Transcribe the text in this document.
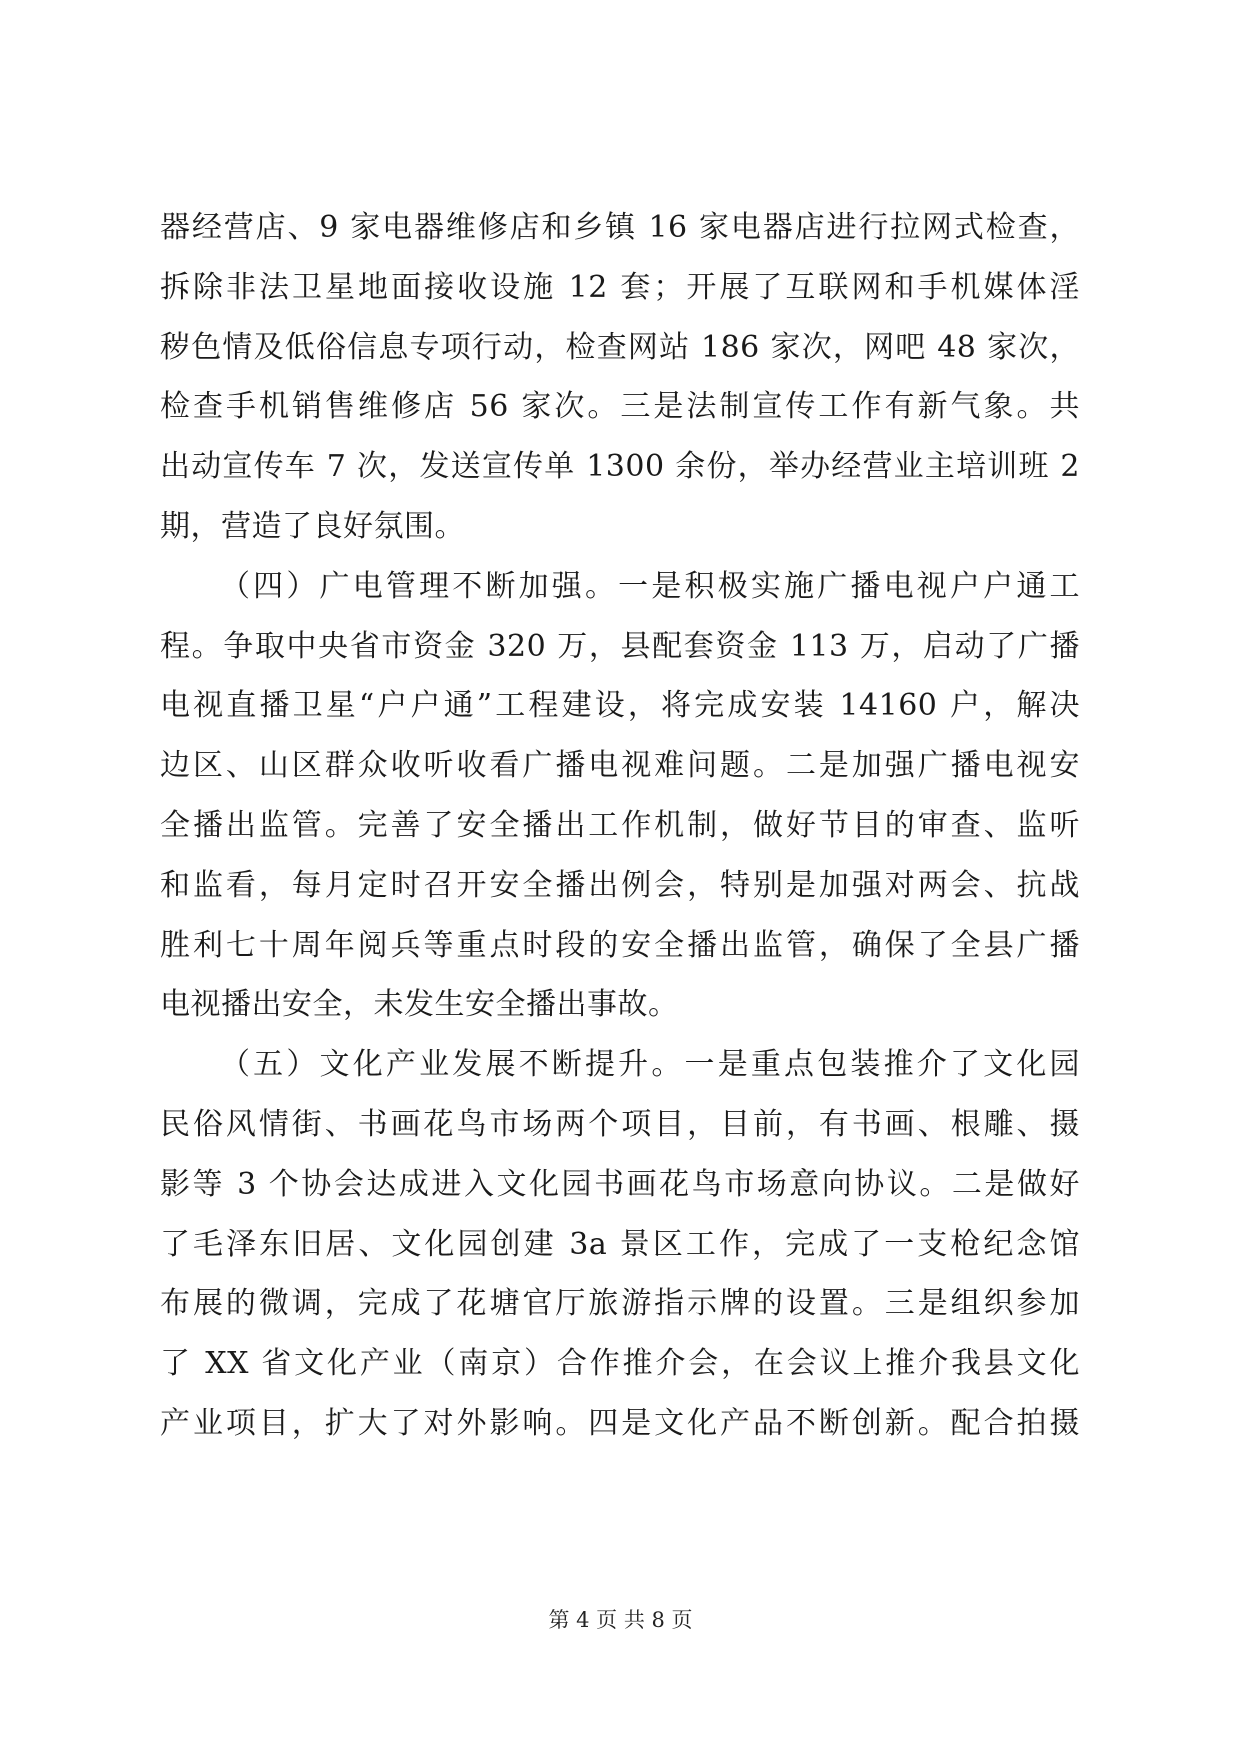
器经营店、9 家电器维修店和乡镇 16 家电器店进行拉网式检查，
拆除非法卫星地面接收设施 12 套；开展了互联网和手机媒体淫
秽色情及低俗信息专项行动，检查网站 186 家次，网吧 48 家次，
检查手机销售维修店 56 家次。三是法制宣传工作有新气象。共
出动宣传车 7 次，发送宣传单 1300 余份，举办经营业主培训班 2
期，营造了良好氛围。
（四）广电管理不断加强。一是积极实施广播电视户户通工
程。争取中央省市资金 320 万，县配套资金 113 万，启动了广播
电视直播卫星“户户通”工程建设，将完成安装 14160 户，解决
边区、山区群众收听收看广播电视难问题。二是加强广播电视安
全播出监管。完善了安全播出工作机制，做好节目的审查、监听
和监看，每月定时召开安全播出例会，特别是加强对两会、抗战
胜利七十周年阅兵等重点时段的安全播出监管，确保了全县广播
电视播出安全，未发生安全播出事故。
（五）文化产业发展不断提升。一是重点包装推介了文化园
民俗风情街、书画花鸟市场两个项目，目前，有书画、根雕、摄
影等 3 个协会达成进入文化园书画花鸟市场意向协议。二是做好
了毛泽东旧居、文化园创建 3a 景区工作，完成了一支枪纪念馆
布展的微调，完成了花塘官厅旅游指示牌的设置。三是组织参加
了 XX 省文化产业（南京）合作推介会，在会议上推介我县文化
产业项目，扩大了对外影响。四是文化产品不断创新。配合拍摄
第 4 页 共 8 页
